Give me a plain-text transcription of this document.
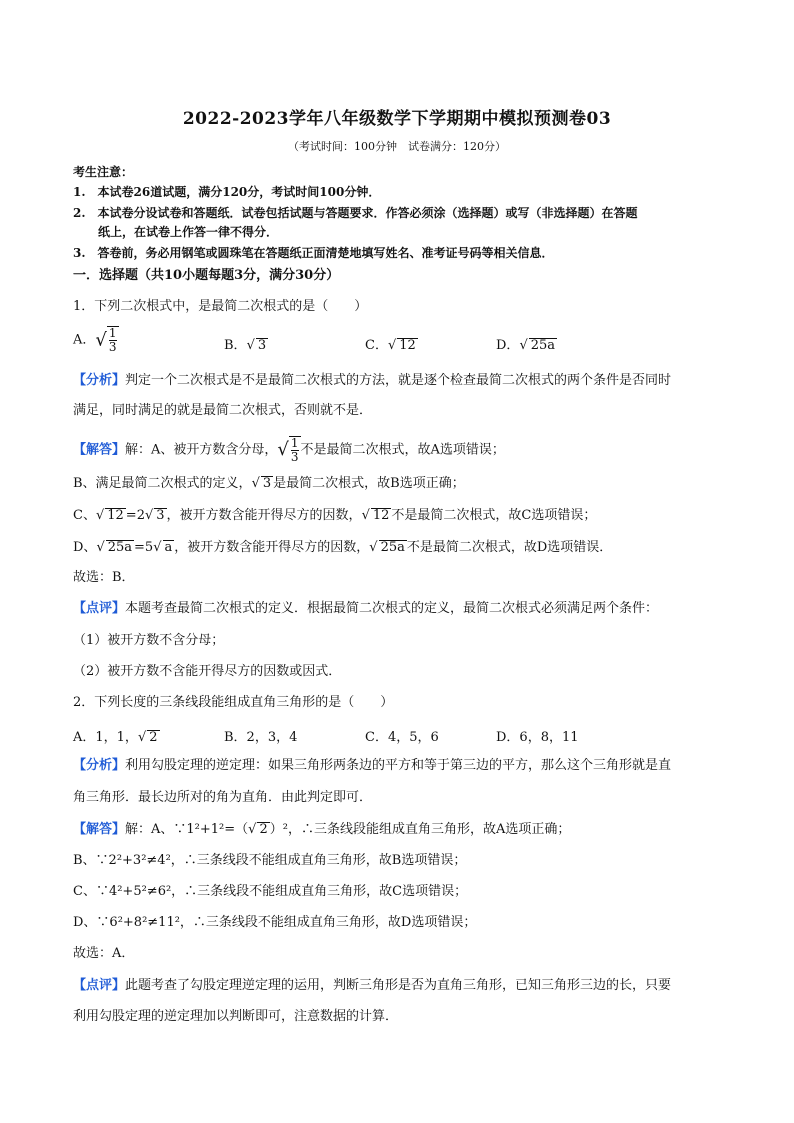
2022-2023学年八年级数学下学期期中模拟预测卷03
（考试时间：100分钟　试卷满分：120分）
考生注意：
1.　本试卷26道试题，满分120分，考试时间100分钟．
2.　本试卷分设试卷和答题纸．试卷包括试题与答题要求．作答必须涂（选择题）或写（非选择题）在答题
纸上，在试卷上作答一律不得分．
3.　答卷前，务必用钢笔或圆珠笔在答题纸正面清楚地填写姓名、准考证号码等相关信息．
一．选择题（共10小题每题3分，满分30分）
1．下列二次根式中，是最简二次根式的是（　　）
A．√ $\frac{1}{3}$	B．√ 3	C．√ 12	D．√ 25a
【分析】判定一个二次根式是不是最简二次根式的方法，就是逐个检查最简二次根式的两个条件是否同时
满足，同时满足的就是最简二次根式，否则就不是．
【解答】解：A、被开方数含分母，√ $\frac{1}{3}$ 不是最简二次根式，故A选项错误；
B、满足最简二次根式的定义，√ 3 是最简二次根式，故B选项正确；
C、√ 12 =2√ 3 ，被开方数含能开得尽方的因数，√ 12 不是最简二次根式，故C选项错误；
D、√ 25a =5√ a ，被开方数含能开得尽方的因数，√ 25a 不是最简二次根式，故D选项错误．
故选：B．
【点评】本题考查最简二次根式的定义．根据最简二次根式的定义，最简二次根式必须满足两个条件：
（1）被开方数不含分母；
（2）被开方数不含能开得尽方的因数或因式．
2．下列长度的三条线段能组成直角三角形的是（　　）
A．1，1，√ 2	B．2，3，4	C．4，5，6	D．6，8，11
【分析】利用勾股定理的逆定理：如果三角形两条边的平方和等于第三边的平方，那么这个三角形就是直
角三角形．最长边所对的角为直角．由此判定即可．
【解答】解：A、∵1²+1²=（√ 2 ）²，∴三条线段能组成直角三角形，故A选项正确；
B、∵2²+3²≠4²，∴三条线段不能组成直角三角形，故B选项错误；
C、∵4²+5²≠6²，∴三条线段不能组成直角三角形，故C选项错误；
D、∵6²+8²≠11²，∴三条线段不能组成直角三角形，故D选项错误；
故选：A．
【点评】此题考查了勾股定理逆定理的运用，判断三角形是否为直角三角形，已知三角形三边的长，只要
利用勾股定理的逆定理加以判断即可，注意数据的计算．
